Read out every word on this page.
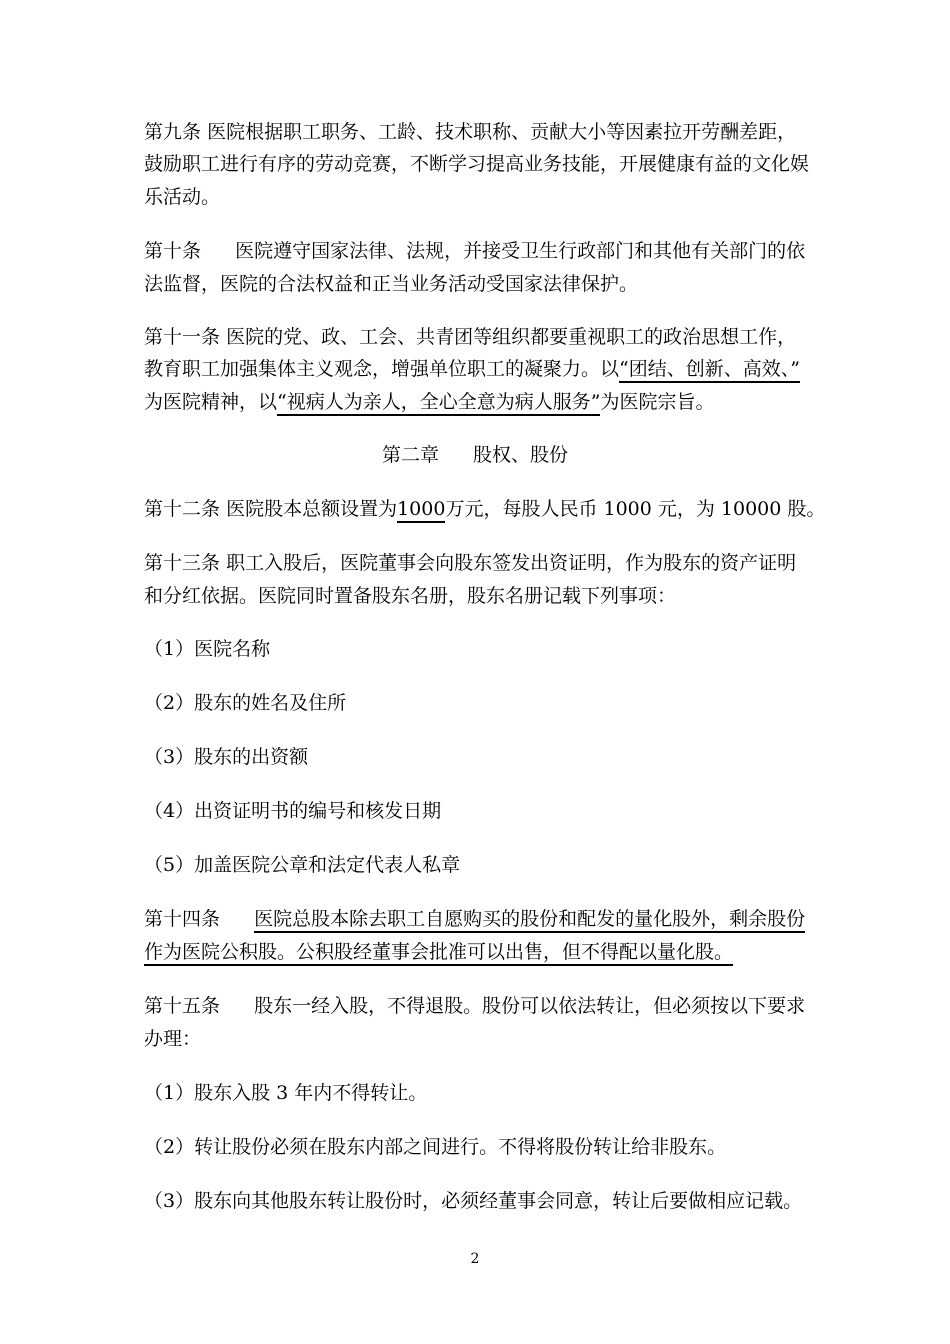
第九条 医院根据职工职务、工龄、技术职称、贡献大小等因素拉开劳酬差距，
鼓励职工进行有序的劳动竞赛，不断学习提高业务技能，开展健康有益的文化娱
乐活动。
第十条 医院遵守国家法律、法规，并接受卫生行政部门和其他有关部门的依
法监督，医院的合法权益和正当业务活动受国家法律保护。
第十一条 医院的党、政、工会、共青团等组织都要重视职工的政治思想工作，
教育职工加强集体主义观念，增强单位职工的凝聚力。以“团结、创新、高效、”
为医院精神，以“视病人为亲人，全心全意为病人服务”为医院宗旨。
第二章 股权、股份
第十二条 医院股本总额设置为1000万元，每股人民币 1000 元，为 10000 股。
第十三条 职工入股后，医院董事会向股东签发出资证明，作为股东的资产证明
和分红依据。医院同时置备股东名册，股东名册记载下列事项：
（1）医院名称
（2）股东的姓名及住所
（3）股东的出资额
（4）出资证明书的编号和核发日期
（5）加盖医院公章和法定代表人私章
第十四条 医院总股本除去职工自愿购买的股份和配发的量化股外，剩余股份
作为医院公积股。公积股经董事会批准可以出售，但不得配以量化股。
第十五条 股东一经入股，不得退股。股份可以依法转让，但必须按以下要求
办理：
（1）股东入股 3 年内不得转让。
（2）转让股份必须在股东内部之间进行。不得将股份转让给非股东。
（3）股东向其他股东转让股份时，必须经董事会同意，转让后要做相应记载。
2
